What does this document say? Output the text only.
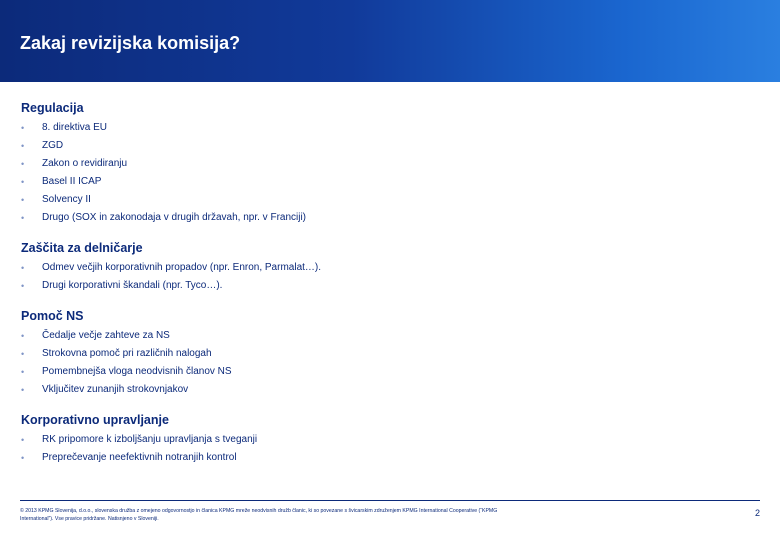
Zakaj revizijska komisija?
Regulacija
• 8. direktiva EU
• ZGD
• Zakon o revidiranju
• Basel II ICAP
• Solvency II
• Drugo (SOX in zakonodaja v drugih državah, npr. v Franciji)
Zaščita za delničarje
• Odmev večjih korporativnih propadov (npr. Enron, Parmalat…).
• Drugi korporativni škandali (npr. Tyco…).
Pomoč NS
• Čedalje večje zahteve za NS
• Strokovna pomoč pri različnih nalogah
• Pomembnejša vloga neodvisnih članov NS
• Vključitev zunanjih strokovnjakov
Korporativno upravljanje
• RK pripomore k izboljšanju upravljanja s tveganji
• Preprečevanje neefektivnih notranjih kontrol
© 2013 KPMG Slovenija, d.o.o., slovenska družba z omejeno odgovornostjo in članica KPMG mreže neodvisnih družb članic, ki so povezane s švicarskim združenjem KPMG International Cooperative (“KPMG International”). Vse pravice pridržane. Natisnjeno v Sloveniji.
2
